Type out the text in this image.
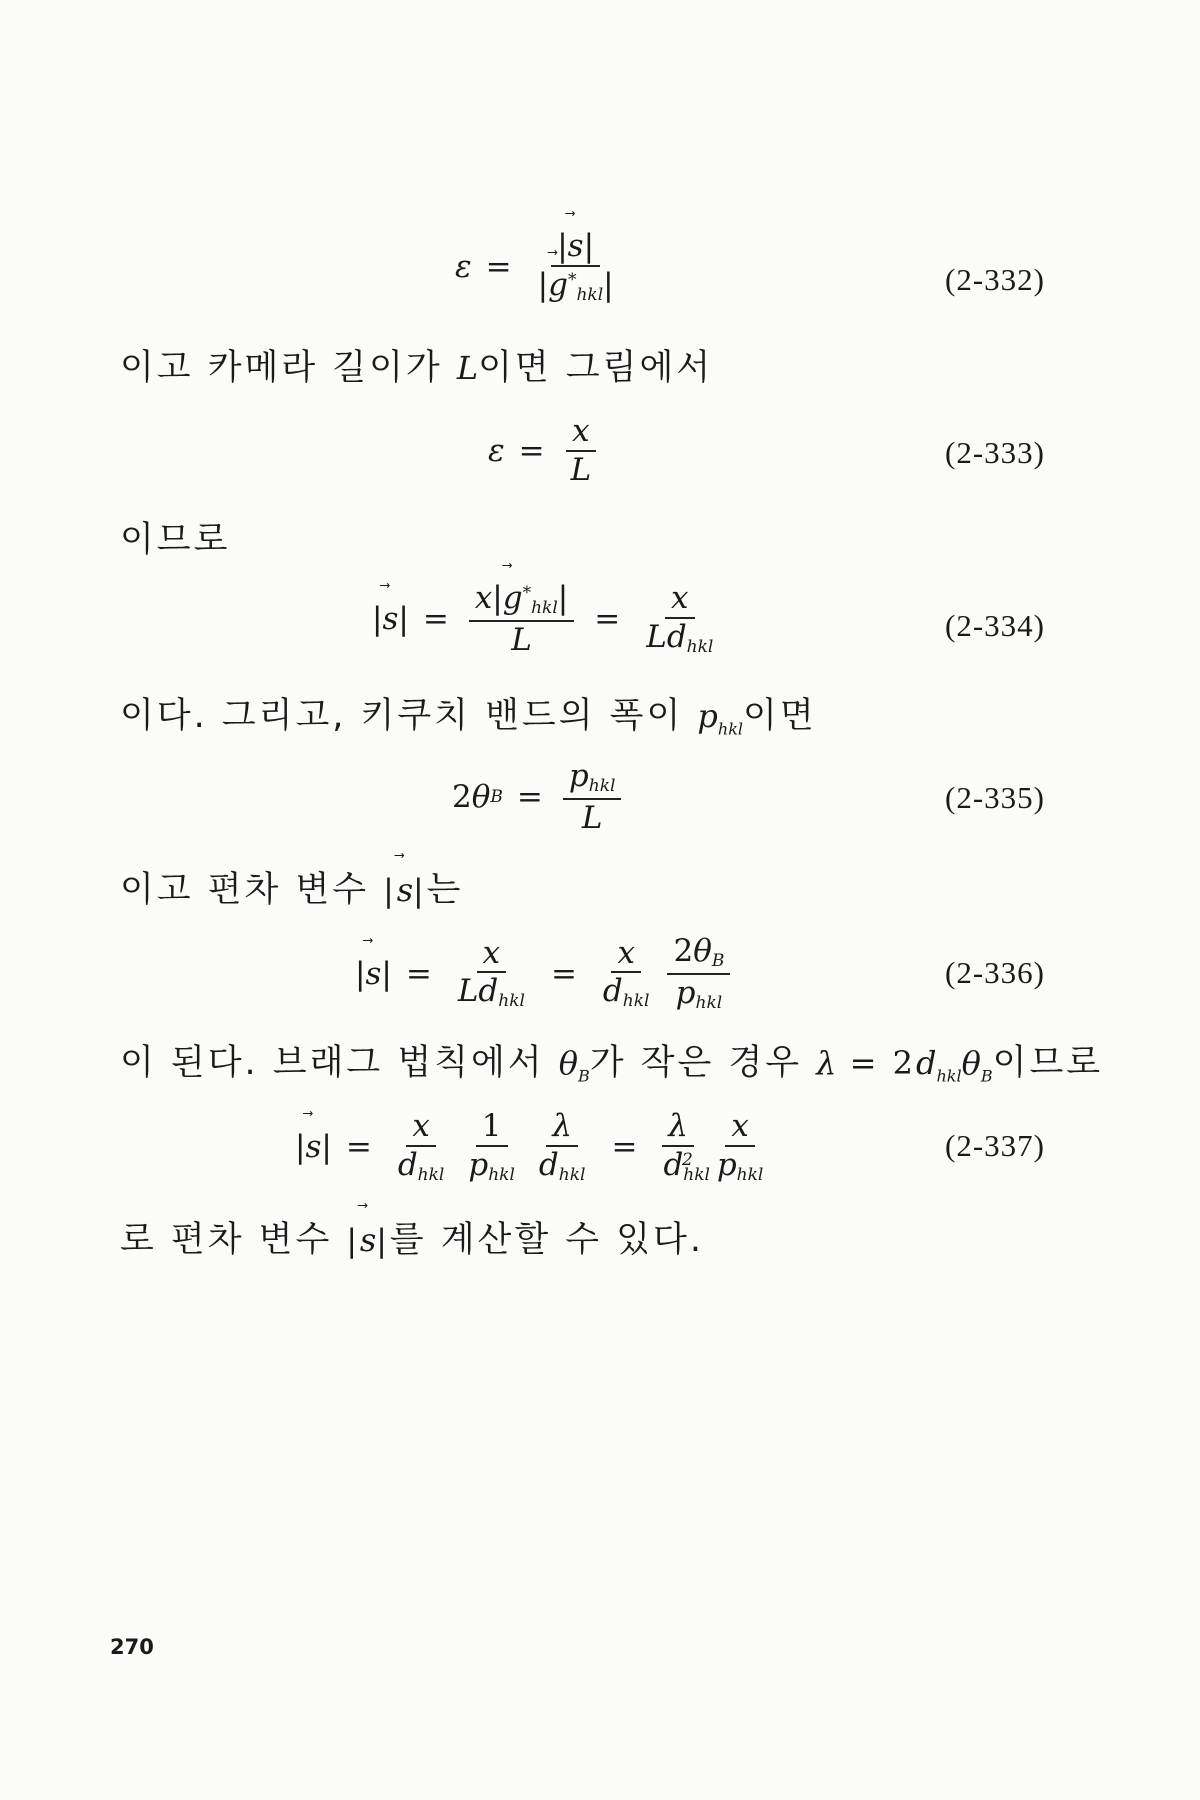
$\varepsilon = \frac{|s ⃗|}{|g ⃗^*_{hkl}|}$	(2-332)

이고 카메라 길이가 L이면 그림에서

$\varepsilon = \frac{x}{L}$	(2-333)

이므로

| s ⃗ | = $\frac{x|g ⃗^*_{hkl}|}{L} = \frac{x}{Ld_{hkl}}$	(2-334)

이다. 그리고, 키쿠치 밴드의 폭이 $p_{hkl}$이면

2 θ $B = \frac{p_{hkl}}{L}$	(2-335)

이고 편차 변수 |s ⃗|는

| s ⃗ | = $\frac{x}{Ld_{hkl}} = \frac{x}{d_{hkl}} \frac{2\theta_B}{p_{hkl}}$	(2-336)

이 된다. 브래그 법칙에서 $\theta_B$가 작은 경우 $\lambda = 2d_{hkl}\theta_B$이므로

| s ⃗ | = $\frac{x}{d_{hkl}} \frac{1}{p_{hkl}} \frac{\lambda}{d_{hkl}} = \frac{\lambda}{d_{hkl}^2} \frac{x}{p_{hkl}}$	(2-337)

로 편차 변수 |s ⃗|를 계산할 수 있다.

270
